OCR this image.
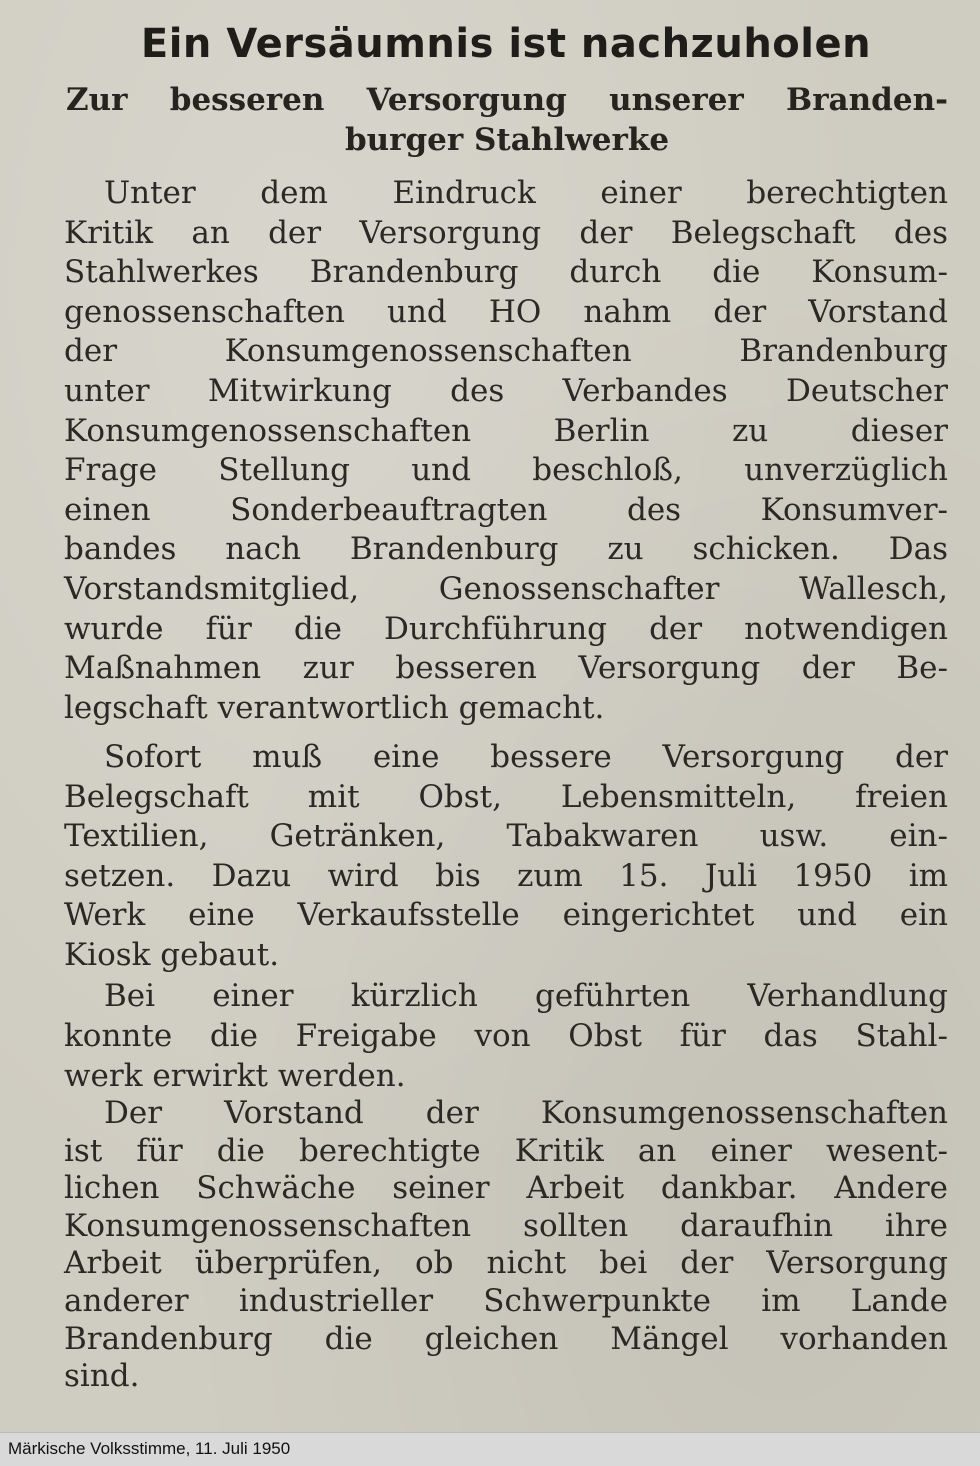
Ein Versäumnis ist nachzuholen
Zur besseren Versorgung unserer Branden-
burger Stahlwerke

Unter dem Eindruck einer berechtigten
Kritik an der Versorgung der Belegschaft des
Stahlwerkes Brandenburg durch die Konsum-
genossenschaften und HO nahm der Vorstand
der Konsumgenossenschaften Brandenburg
unter Mitwirkung des Verbandes Deutscher
Konsumgenossenschaften Berlin zu dieser
Frage Stellung und beschloß, unverzüglich
einen Sonderbeauftragten des Konsumver-
bandes nach Brandenburg zu schicken. Das
Vorstandsmitglied, Genossenschafter Wallesch,
wurde für die Durchführung der notwendigen
Maßnahmen zur besseren Versorgung der Be-
legschaft verantwortlich gemacht.

Sofort muß eine bessere Versorgung der
Belegschaft mit Obst, Lebensmitteln, freien
Textilien, Getränken, Tabakwaren usw. ein-
setzen. Dazu wird bis zum 15. Juli 1950 im
Werk eine Verkaufsstelle eingerichtet und ein
Kiosk gebaut.

Bei einer kürzlich geführten Verhandlung
konnte die Freigabe von Obst für das Stahl-
werk erwirkt werden.

Der Vorstand der Konsumgenossenschaften
ist für die berechtigte Kritik an einer wesent-
lichen Schwäche seiner Arbeit dankbar. Andere
Konsumgenossenschaften sollten daraufhin ihre
Arbeit überprüfen, ob nicht bei der Versorgung
anderer industrieller Schwerpunkte im Lande
Brandenburg die gleichen Mängel vorhanden
sind.

Märkische Volksstimme, 11. Juli 1950
